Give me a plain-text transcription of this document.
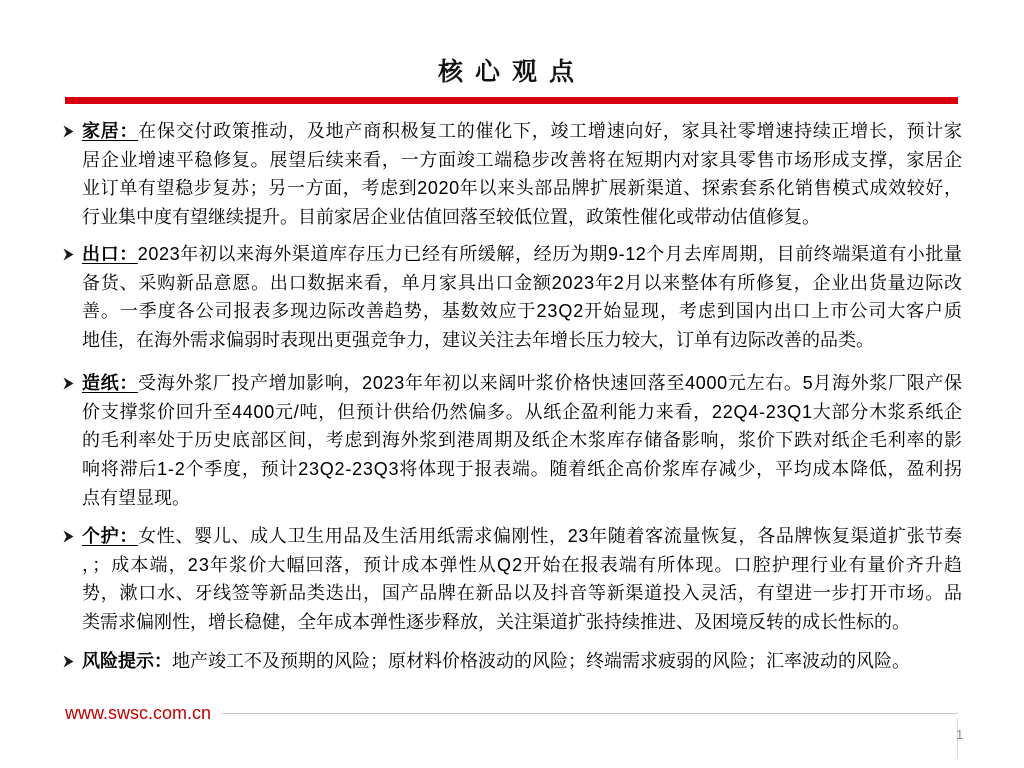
核心观点
家居：在保交付政策推动，及地产商积极复工的催化下，竣工增速向好，家具社零增速持续正增长，预计家
居企业增速平稳修复。展望后续来看，一方面竣工端稳步改善将在短期内对家具零售市场形成支撑，家居企
业订单有望稳步复苏；另一方面，考虑到2020年以来头部品牌扩展新渠道、探索套系化销售模式成效较好，
行业集中度有望继续提升。目前家居企业估值回落至较低位置，政策性催化或带动估值修复。
出口：2023年初以来海外渠道库存压力已经有所缓解，经历为期9-12个月去库周期，目前终端渠道有小批量
备货、采购新品意愿。出口数据来看，单月家具出口金额2023年2月以来整体有所修复，企业出货量边际改
善。一季度各公司报表多现边际改善趋势，基数效应于23Q2开始显现，考虑到国内出口上市公司大客户质
地佳，在海外需求偏弱时表现出更强竞争力，建议关注去年增长压力较大，订单有边际改善的品类。
造纸：受海外浆厂投产增加影响，2023年年初以来阔叶浆价格快速回落至4000元左右。5月海外浆厂限产保
价支撑浆价回升至4400元/吨，但预计供给仍然偏多。从纸企盈利能力来看，22Q4-23Q1大部分木浆系纸企
的毛利率处于历史底部区间，考虑到海外浆到港周期及纸企木浆库存储备影响，浆价下跌对纸企毛利率的影
响将滞后1-2个季度，预计23Q2-23Q3将体现于报表端。随着纸企高价浆库存减少，平均成本降低，盈利拐
点有望显现。
个护：女性、婴儿、成人卫生用品及生活用纸需求偏刚性，23年随着客流量恢复，各品牌恢复渠道扩张节奏
，；成本端，23年浆价大幅回落，预计成本弹性从Q2开始在报表端有所体现。口腔护理行业有量价齐升趋
势，漱口水、牙线签等新品类迭出，国产品牌在新品以及抖音等新渠道投入灵活，有望进一步打开市场。品
类需求偏刚性，增长稳健，全年成本弹性逐步释放，关注渠道扩张持续推进、及困境反转的成长性标的。
风险提示：地产竣工不及预期的风险；原材料价格波动的风险；终端需求疲弱的风险；汇率波动的风险。
www.swsc.com.cn
1
